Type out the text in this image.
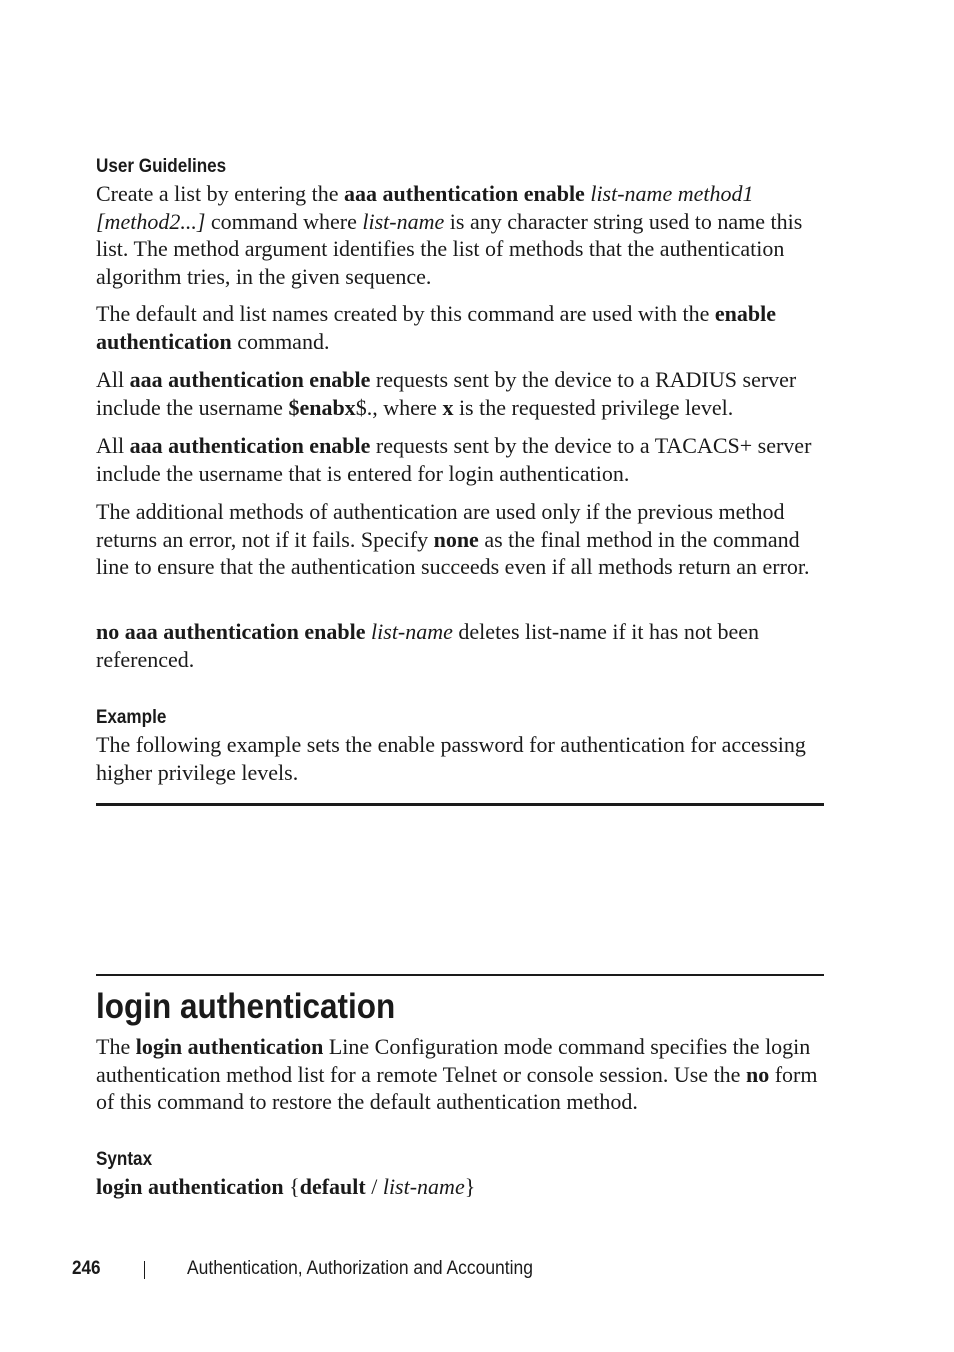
User Guidelines

Create a list by entering the aaa authentication enable list-name method1 [method2...] command where list-name is any character string used to name this list. The method argument identifies the list of methods that the authentication algorithm tries, in the given sequence.

The default and list names created by this command are used with the enable authentication command.

All aaa authentication enable requests sent by the device to a RADIUS server include the username $enabx$., where x is the requested privilege level.

All aaa authentication enable requests sent by the device to a TACACS+ server include the username that is entered for login authentication.

The additional methods of authentication are used only if the previous method returns an error, not if it fails. Specify none as the final method in the command line to ensure that the authentication succeeds even if all methods return an error.

no aaa authentication enable list-name deletes list-name if it has not been referenced.

Example

The following example sets the enable password for authentication for accessing higher privilege levels.

login authentication

The login authentication Line Configuration mode command specifies the login authentication method list for a remote Telnet or console session. Use the no form of this command to restore the default authentication method.

Syntax

login authentication {default / list-name}

246	Authentication, Authorization and Accounting
